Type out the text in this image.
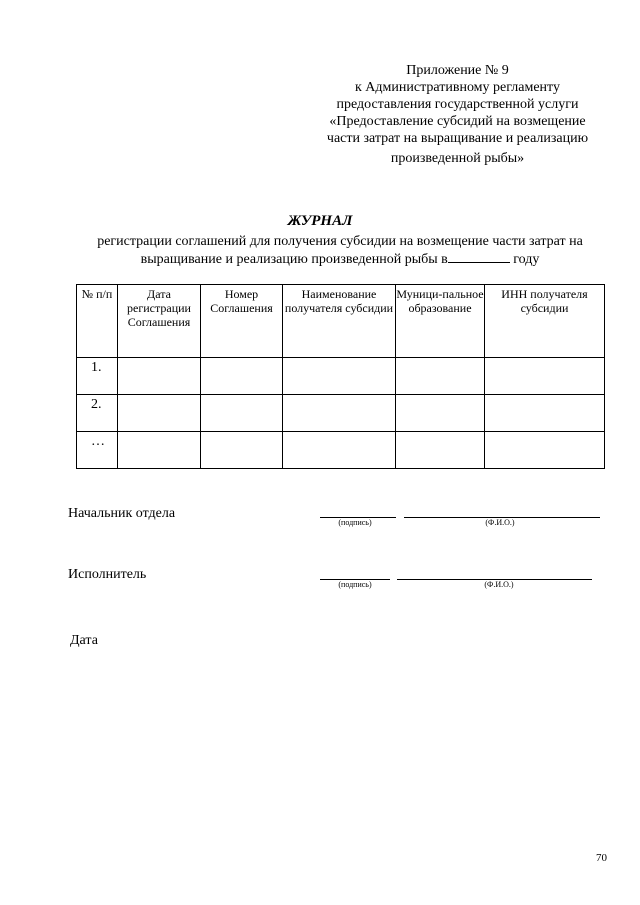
Приложение № 9
к Административному регламенту
предоставления государственной услуги
«Предоставление субсидий на возмещение
части затрат на выращивание и реализацию
произведенной рыбы»
ЖУРНАЛ
регистрации соглашений для получения субсидии на возмещение части затрат на
выращивание и реализацию произведенной рыбы в	году
№ п/п	Дата регистрации Соглашения	Номер Соглашения	Наименование получателя субсидии	Муници-пальное образование	ИНН получателя субсидии
1.					
2.					
…					
Начальник отдела
(подпись)	(Ф.И.О.)
Исполнитель
(подпись)	(Ф.И.О.)
Дата
70
